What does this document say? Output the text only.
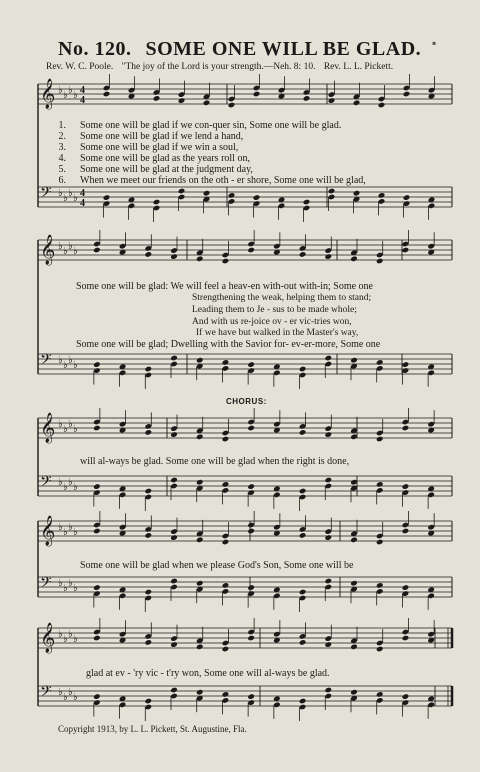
No. 120. SOME ONE WILL BE GLAD.
Rev. W. C. Poole. "The joy of the Lord is your strength.—Neh. 8: 10. Rev. L. L. Pickett.
▪
𝄞 ♭ ♭ ♭ ♭ 4
4
𝄢 ♭ ♭ ♭ ♭ 4
4
𝄞 ♭ ♭ ♭ ♭
𝄢 ♭ ♭ ♭ ♭
𝄞 ♭ ♭ ♭ ♭
𝄢 ♭ ♭ ♭ ♭
𝄞 ♭ ♭ ♭ ♭
𝄢 ♭ ♭ ♭ ♭
𝄞 ♭ ♭ ♭ ♭
𝄢 ♭ ♭ ♭ ♭
1.
2.
3.
4.
5.
6.
Some one will be glad if we con-quer sin, Some one will be glad.
Some one will be glad if we lend a hand,
Some one will be glad if we win a soul,
Some one will be glad as the years roll on,
Some one will be glad at the judgment day,
When we meet our friends on the oth - er shore, Some one will be glad,
Some one will be glad: We will feel a heav-en with-out with-in; Some one
Strengthening the weak, helping them to stand;
Leading them to Je - sus to be made whole;
And with us re-joice ov - er vic-tries won,
If we have but walked in the Master's way,
Some one will be glad; Dwelling with the Savior for- ev-er-more, Some one
CHORUS:
will al-ways be glad. Some one will be glad when the right is done,
Some one will be glad when we please God's Son, Some one will be
glad at ev - 'ry vic - t'ry won, Some one will al-ways be glad.
Copyright 1913, by L. L. Pickett, St. Augustine, Fla.
